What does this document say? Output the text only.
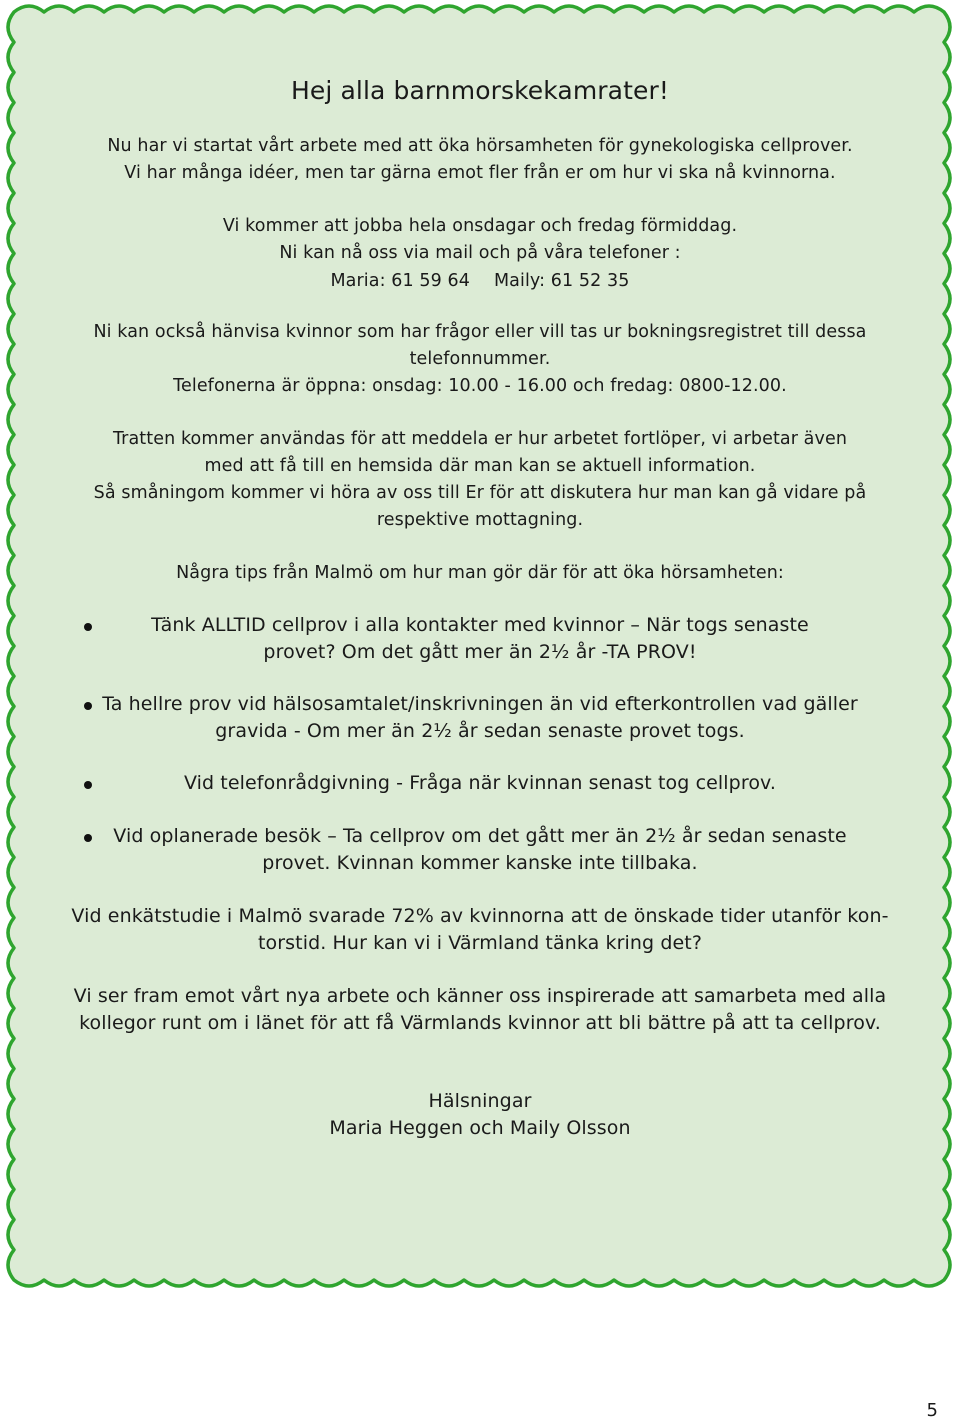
Hej alla barnmorskekamrater!
Nu har vi startat vårt arbete med att öka hörsamheten för gynekologiska cellprover.
Vi har många idéer, men tar gärna emot fler från er om hur vi ska nå kvinnorna.
Vi kommer att jobba hela onsdagar och fredag förmiddag.
Ni kan nå oss via mail och på våra telefoner :
Maria: 61 59 64 Maily: 61 52 35
Ni kan också hänvisa kvinnor som har frågor eller vill tas ur bokningsregistret till dessa
telefonnummer.
Telefonerna är öppna: onsdag: 10.00 - 16.00 och fredag: 0800-12.00.
Tratten kommer användas för att meddela er hur arbetet fortlöper, vi arbetar även
med att få till en hemsida där man kan se aktuell information.
Så småningom kommer vi höra av oss till Er för att diskutera hur man kan gå vidare på
respektive mottagning.
Några tips från Malmö om hur man gör där för att öka hörsamheten:
Tänk ALLTID cellprov i alla kontakter med kvinnor – När togs senaste
provet? Om det gått mer än 2½ år -TA PROV!
Ta hellre prov vid hälsosamtalet/inskrivningen än vid efterkontrollen vad gäller
gravida - Om mer än 2½ år sedan senaste provet togs.
Vid telefonrådgivning - Fråga när kvinnan senast tog cellprov.
Vid oplanerade besök – Ta cellprov om det gått mer än 2½ år sedan senaste
provet. Kvinnan kommer kanske inte tillbaka.
Vid enkätstudie i Malmö svarade 72% av kvinnorna att de önskade tider utanför kon-
torstid. Hur kan vi i Värmland tänka kring det?
Vi ser fram emot vårt nya arbete och känner oss inspirerade att samarbeta med alla
kollegor runt om i länet för att få Värmlands kvinnor att bli bättre på att ta cellprov.
Hälsningar
Maria Heggen och Maily Olsson
5
